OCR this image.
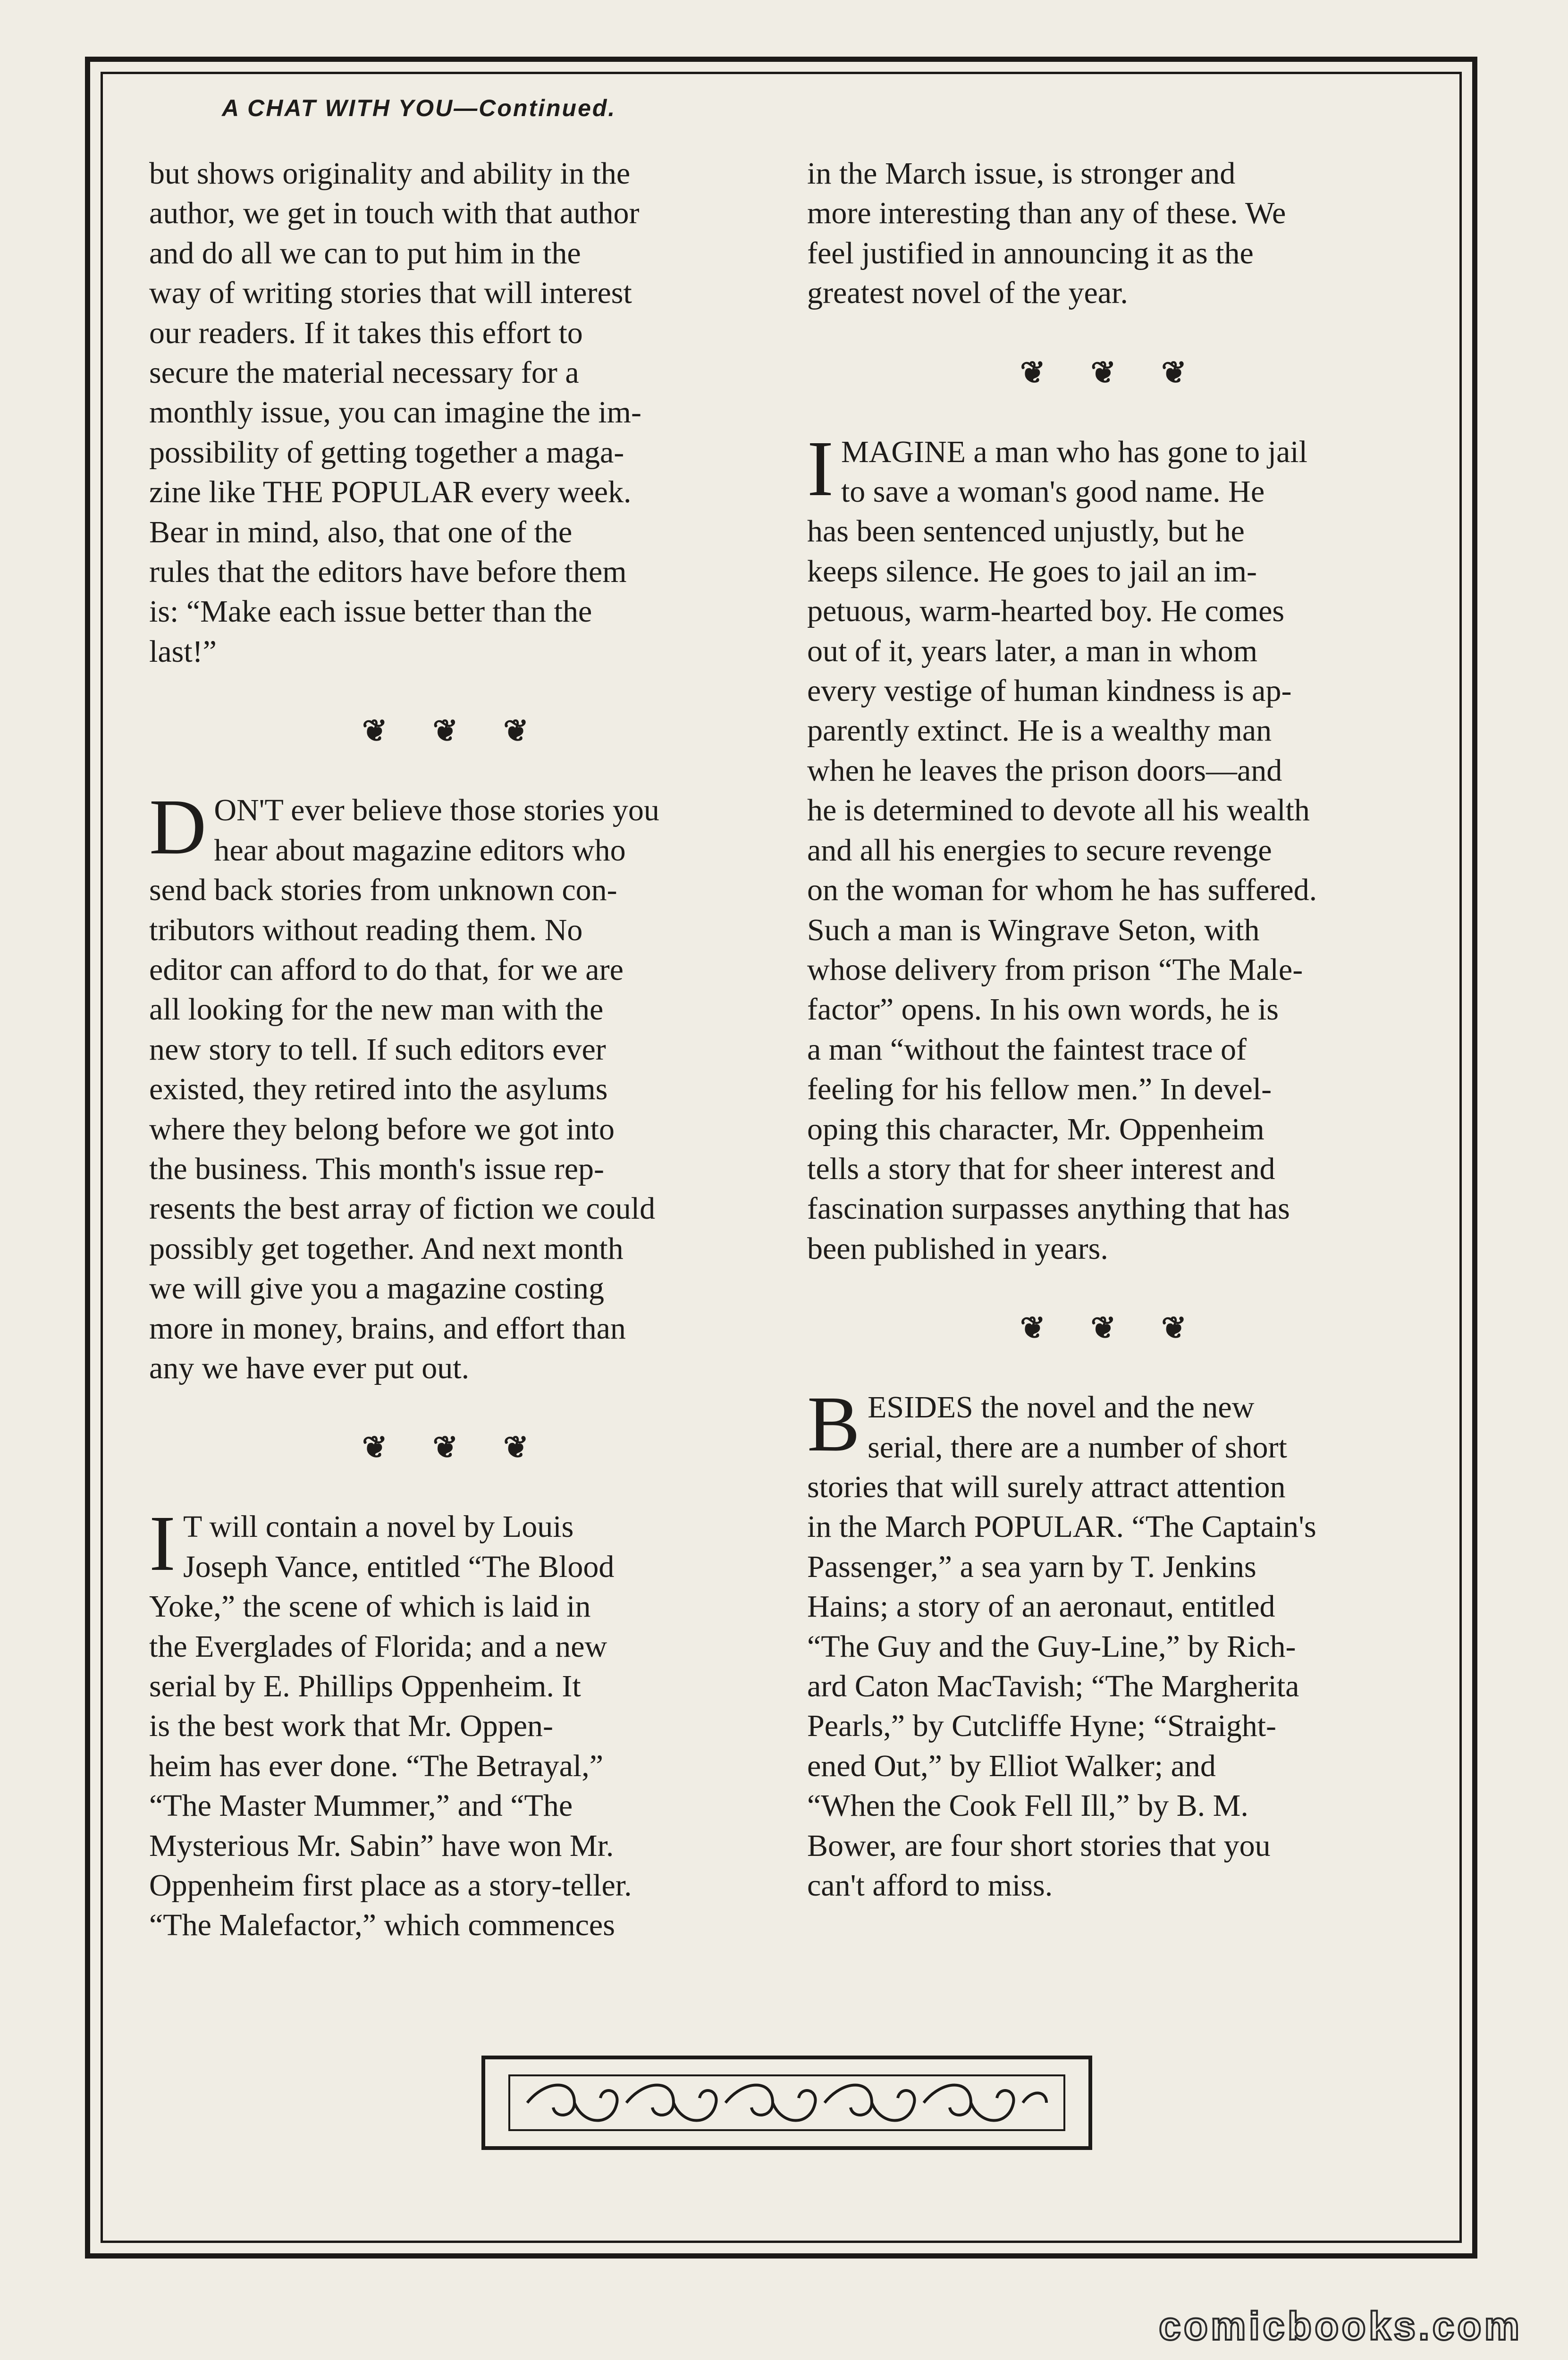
A CHAT WITH YOU—Continued.
but shows originality and ability in the
author, we get in touch with that author
and do all we can to put him in the
way of writing stories that will interest
our readers. If it takes this effort to
secure the material necessary for a
monthly issue, you can imagine the im-
possibility of getting together a maga-
zine like THE POPULAR every week.
Bear in mind, also, that one of the
rules that the editors have before them
is: “Make each issue better than the
last!”
❦ ❦ ❦
D ON'T ever believe those stories you
hear about magazine editors who
send back stories from unknown con-
tributors without reading them. No
editor can afford to do that, for we are
all looking for the new man with the
new story to tell. If such editors ever
existed, they retired into the asylums
where they belong before we got into
the business. This month's issue rep-
resents the best array of fiction we could
possibly get together. And next month
we will give you a magazine costing
more in money, brains, and effort than
any we have ever put out.
❦ ❦ ❦
I T will contain a novel by Louis
Joseph Vance, entitled “The Blood
Yoke,” the scene of which is laid in
the Everglades of Florida; and a new
serial by E. Phillips Oppenheim. It
is the best work that Mr. Oppen-
heim has ever done. “The Betrayal,”
“The Master Mummer,” and “The
Mysterious Mr. Sabin” have won Mr.
Oppenheim first place as a story-teller.
“The Malefactor,” which commences
in the March issue, is stronger and
more interesting than any of these. We
feel justified in announcing it as the
greatest novel of the year.
❦ ❦ ❦
I MAGINE a man who has gone to jail
to save a woman's good name. He
has been sentenced unjustly, but he
keeps silence. He goes to jail an im-
petuous, warm-hearted boy. He comes
out of it, years later, a man in whom
every vestige of human kindness is ap-
parently extinct. He is a wealthy man
when he leaves the prison doors—and
he is determined to devote all his wealth
and all his energies to secure revenge
on the woman for whom he has suffered.
Such a man is Wingrave Seton, with
whose delivery from prison “The Male-
factor” opens. In his own words, he is
a man “without the faintest trace of
feeling for his fellow men.” In devel-
oping this character, Mr. Oppenheim
tells a story that for sheer interest and
fascination surpasses anything that has
been published in years.
❦ ❦ ❦
B ESIDES the novel and the new
serial, there are a number of short
stories that will surely attract attention
in the March POPULAR. “The Captain's
Passenger,” a sea yarn by T. Jenkins
Hains; a story of an aeronaut, entitled
“The Guy and the Guy-Line,” by Rich-
ard Caton MacTavish; “The Margherita
Pearls,” by Cutcliffe Hyne; “Straight-
ened Out,” by Elliot Walker; and
“When the Cook Fell Ill,” by B. M.
Bower, are four short stories that you
can't afford to miss.
comicbooks.com
